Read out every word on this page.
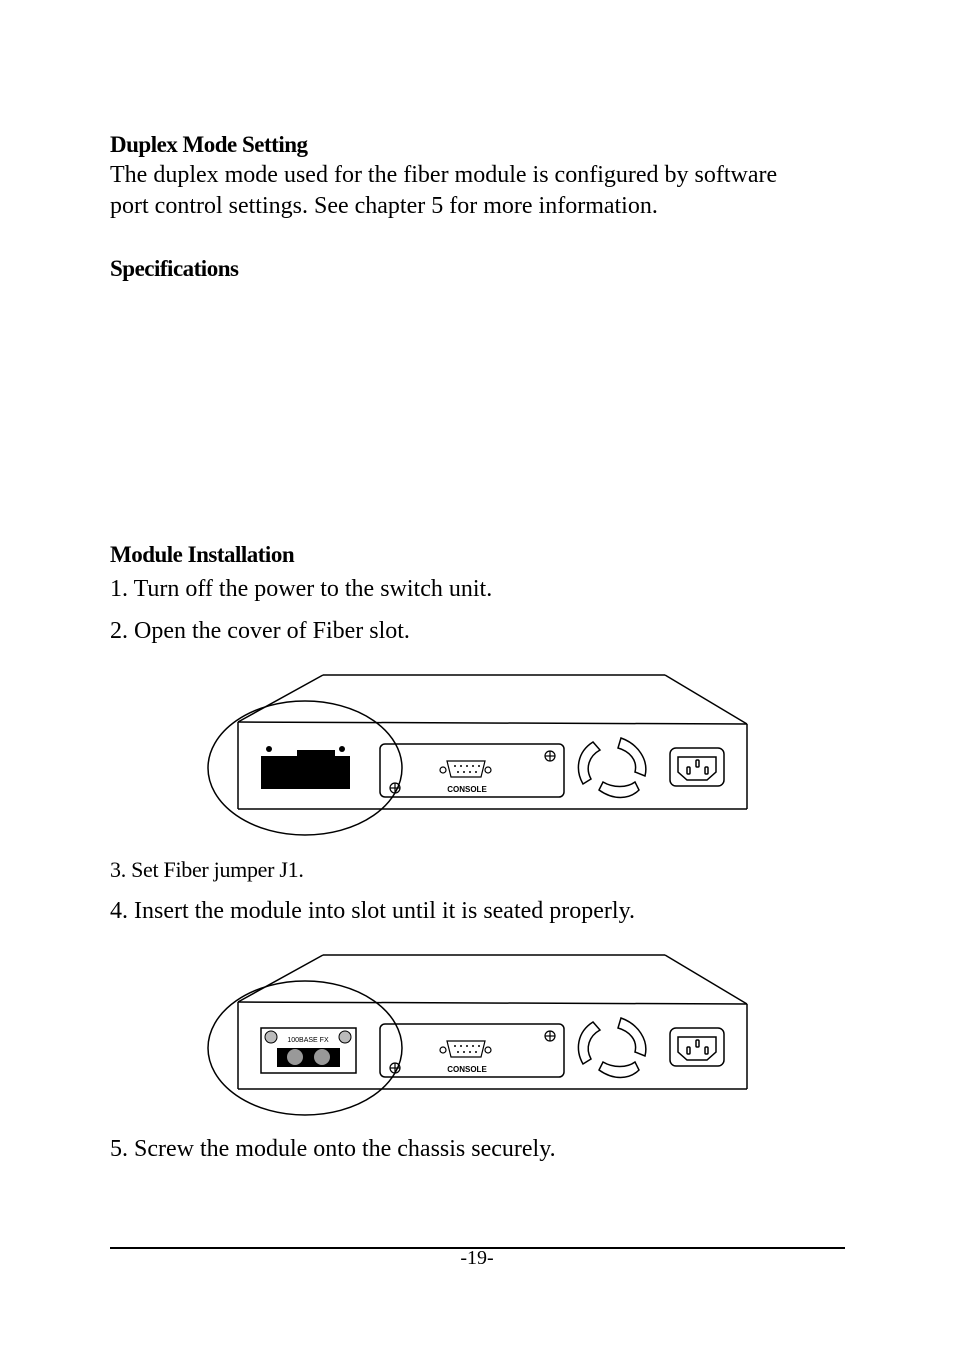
Duplex Mode Setting
The duplex mode used for the fiber module is configured by software
port control settings. See chapter 5 for more information.
Specifications
Module Installation
1. Turn off the power to the switch unit.
2. Open the cover of Fiber slot.
CONSOLE
3. Set Fiber jumper J1.
4. Insert the module into slot until it is seated properly.
100BASE FX
CONSOLE
5. Screw the module onto the chassis securely.
-19-
